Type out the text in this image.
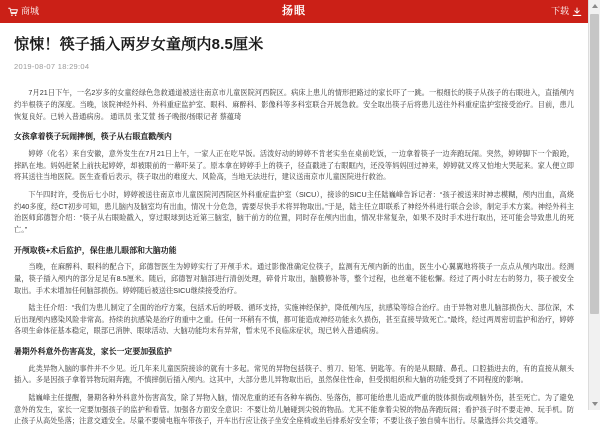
商城	扬眼	下载
惊悚！筷子插入两岁女童颅内8.5厘米
2019-08-07 18:29:04

7月21日下午，一名2岁多的女童经绿色急救通道被送往南京市儿童医院河西院区。病床上患儿的情形把路过的家长吓了一跳。一根细长的筷子从孩子的右眼进入，直插颅内约半根筷子的深度。当晚，该院神经外科、外科重症监护室、眼科、麻醉科、影像科等多科室联合开展急救。安全取出筷子后将患儿送往外科重症监护室接受治疗。目前，患儿恢复良好。已转入普通病房。 通讯员 张艾萱 扬子晚报/扬眼记者 蔡蕴琦

女孩拿着筷子玩闹摔倒，筷子从右眼直戳颅内

婷婷（化名）来自安徽，意外发生在7月21日上午，一家人正在吃早饭。活泼好动的婷婷不肯老实坐在桌前吃饭，一边拿着筷子一边奔跑玩闹。突然，婷婷脚下一个踉跄，摔趴在地。妈妈赶紧上前扶起婷婷，却被眼前的一幕吓呆了。原本拿在婷婷手上的筷子，径直戳进了右眼眶内，还没等妈妈回过神来，婷婷就又疼又怕地大哭起来。家人便立即将其送往当地医院。医生查看后表示，筷子取出的难度大、风险高，当地无法进行，建议送南京市儿童医院进行救治。

下午四时许，受伤后七小时，婷婷被送往南京市儿童医院河西院区外科重症监护室（SICU），接诊的SICU主任陆巍峰告诉记者：“孩子被送来时神志模糊，颅内出血，高烧约40多度，经CT初步可知，患儿脑内及脑室均有出血，情况十分危急，需要尽快手术将异物取出。”于是，陆主任立即联系了神经外科进行联合会诊，制定手术方案。神经外科主治医师邱德智介绍：“筷子从右眼睑戳入，穿过眼球到达近第三脑室，脑干前方的位置，同时存在颅内出血，情况非常复杂，如果不及时手术进行取出，还可能会导致患儿的死亡。”

开颅取筷+术后监护，保住患儿眼部和大脑功能

当晚，在麻醉科、眼科的配合下，邱德智医生为婷婷实行了开颅手术。通过影像准确定位筷子，监测有无颅内新的出血，医生小心翼翼地将筷子一点点从颅内取出。经测量，筷子插入颅内的部分足足有8.5厘米。随后，邱德智对脑部进行清创处理，碎骨片取出，脑膜修补等，整个过程，也丝毫不能松懈。经过了两小时左右的努力，筷子被安全取出。手术未增加任何脑部损伤。婷婷随后被送往SICU继续接受治疗。

陆主任介绍：“我们为患儿制定了全面的治疗方案，包括术后的呼吸、循环支持，实施神经保护，降低颅内压，抗感染等综合治疗。由于异物对患儿脑部损伤大、部位深，术后出现颅内感染风险非常高。持续的抗感染是治疗的重中之重。任何一环稍有不慎，都可能造成神经功能永久损伤，甚至直接导致死亡。”最终，经过两周密切监护和治疗，婷婷各项生命体征基本稳定，眼部已消肿、眼球活动、大脑功能均未有异常，暂未见不良临床症状，现已转入普通病房。

暑期外科意外伤害高发，家长一定要加强监护

此类异物入脑的事件并不少见。近几年来儿童医院接诊的就有十多起。常见的异物包括筷子、剪刀、铅笔、钥匙等。有的是从眼睛、鼻孔、口腔插进去的，有的直接从额头插入。多是因孩子拿着异物玩闹奔跑，不慎摔倒后插入颅内。这其中，大部分患儿异物取出后，虽然保住性命，但受损组织和大脑的功能受到了不同程度的影响。

陆巍峰主任提醒，暑期各种外科意外伤害高发，除了异物入脑，情况危重的还有各种车祸伤、坠落伤，都可能给患儿造成严重的肢体损伤或颅脑外伤，甚至死亡。为了避免意外的发生，家长一定要加强孩子的监护和看管。加强各方面安全意识：不要让幼儿触碰到尖锐的物品。尤其不能拿着尖锐的物品奔跑玩闹；看护孩子时不要走神、玩手机。防止孩子从高处坠落；注意交通安全。尽量不要骑电瓶车带孩子，开车出行应让孩子坐安全座椅或坐后排系好安全带；不要让孩子独自骑车出行。尽量选择公共交通等。
